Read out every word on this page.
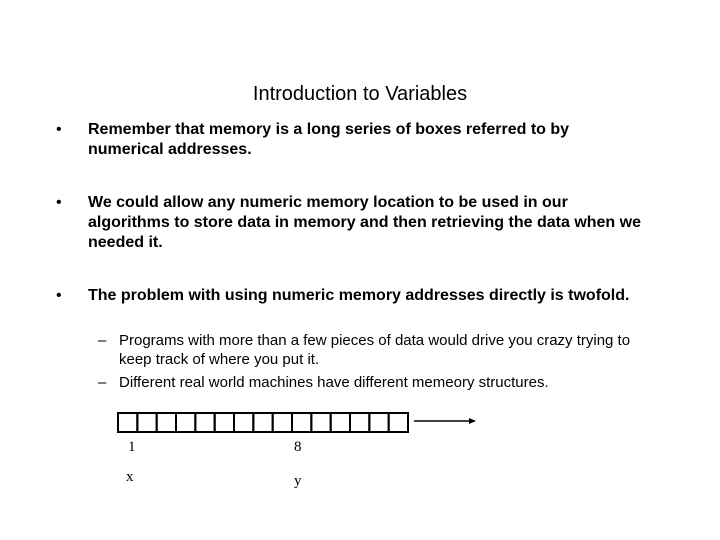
Introduction to Variables
• Remember that memory is a long series of boxes referred to by numerical addresses.
• We could allow any numeric memory location to be used in our algorithms to store data in memory and then retrieving the data when we needed it.
• The problem with using numeric memory addresses directly is twofold.
– Programs with more than a few pieces of data would drive you crazy trying to keep track of where you put it.
– Different real world machines have different memeory structures.
1	8
x	y
